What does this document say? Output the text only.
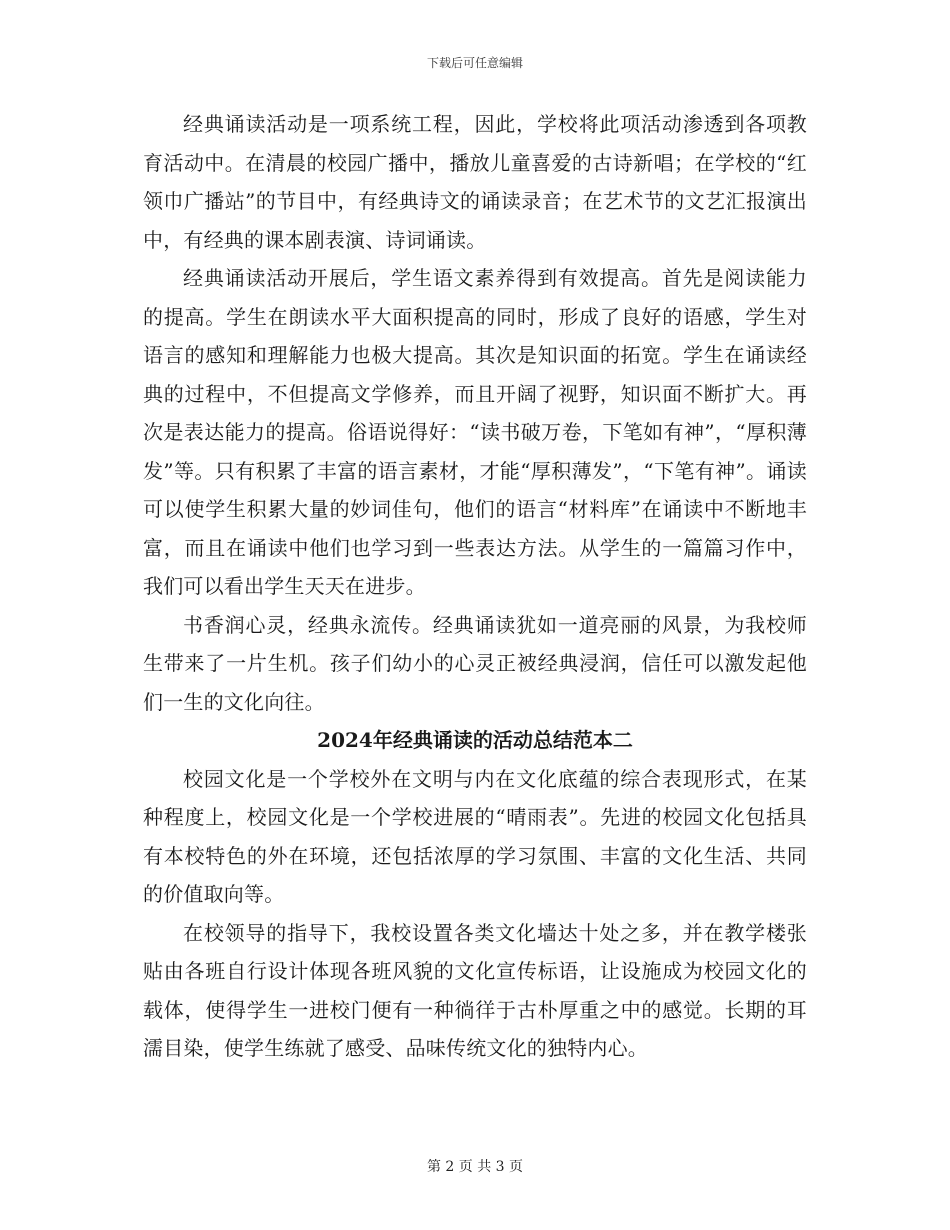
下载后可任意编辑

经典诵读活动是一项系统工程，因此，学校将此项活动渗透到各项教育活动中。在清晨的校园广播中，播放儿童喜爱的古诗新唱；在学校的“红领巾广播站”的节目中，有经典诗文的诵读录音；在艺术节的文艺汇报演出中，有经典的课本剧表演、诗词诵读。

经典诵读活动开展后，学生语文素养得到有效提高。首先是阅读能力的提高。学生在朗读水平大面积提高的同时，形成了良好的语感，学生对语言的感知和理解能力也极大提高。其次是知识面的拓宽。学生在诵读经典的过程中，不但提高文学修养，而且开阔了视野，知识面不断扩大。再次是表达能力的提高。俗语说得好：“读书破万卷，下笔如有神”，“厚积薄发”等。只有积累了丰富的语言素材，才能“厚积薄发”，“下笔有神”。诵读可以使学生积累大量的妙词佳句，他们的语言“材料库”在诵读中不断地丰富，而且在诵读中他们也学习到一些表达方法。从学生的一篇篇习作中，我们可以看出学生天天在进步。

书香润心灵，经典永流传。经典诵读犹如一道亮丽的风景，为我校师生带来了一片生机。孩子们幼小的心灵正被经典浸润，信任可以激发起他们一生的文化向往。

2024年经典诵读的活动总结范本二

校园文化是一个学校外在文明与内在文化底蕴的综合表现形式，在某种程度上，校园文化是一个学校进展的“晴雨表”。先进的校园文化包括具有本校特色的外在环境，还包括浓厚的学习氛围、丰富的文化生活、共同的价值取向等。

在校领导的指导下，我校设置各类文化墙达十处之多，并在教学楼张贴由各班自行设计体现各班风貌的文化宣传标语，让设施成为校园文化的载体，使得学生一进校门便有一种徜徉于古朴厚重之中的感觉。长期的耳濡目染，使学生练就了感受、品味传统文化的独特内心。

第 2 页 共 3 页
